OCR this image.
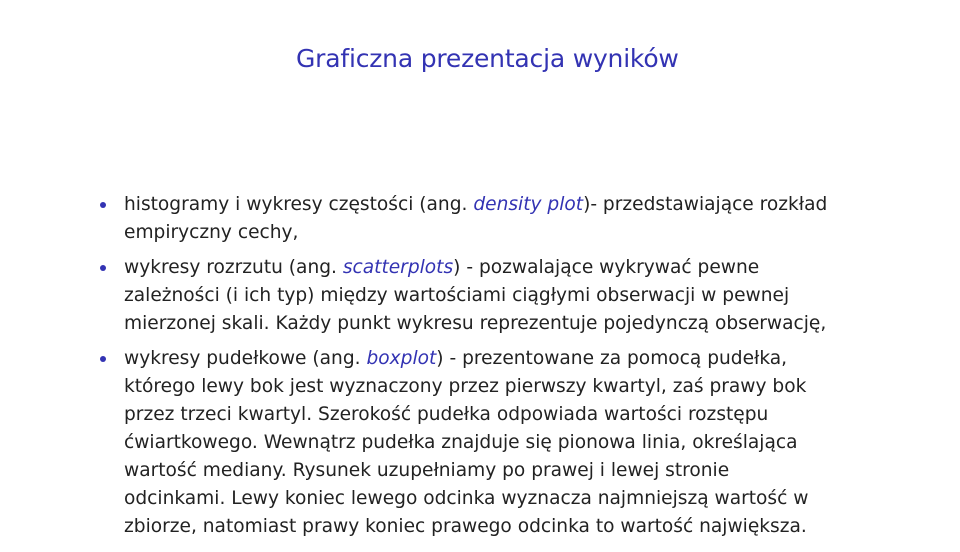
Graficzna prezentacja wyników
histogramy i wykresy częstości (ang. density plot)- przedstawiające rozkład
empiryczny cechy,
wykresy rozrzutu (ang. scatterplots) - pozwalające wykrywać pewne
zależności (i ich typ) między wartościami ciągłymi obserwacji w pewnej
mierzonej skali. Każdy punkt wykresu reprezentuje pojedynczą obserwację,
wykresy pudełkowe (ang. boxplot) - prezentowane za pomocą pudełka,
którego lewy bok jest wyznaczony przez pierwszy kwartyl, zaś prawy bok
przez trzeci kwartyl. Szerokość pudełka odpowiada wartości rozstępu
ćwiartkowego. Wewnątrz pudełka znajduje się pionowa linia, określająca
wartość mediany. Rysunek uzupełniamy po prawej i lewej stronie
odcinkami. Lewy koniec lewego odcinka wyznacza najmniejszą wartość w
zbiorze, natomiast prawy koniec prawego odcinka to wartość największa.
